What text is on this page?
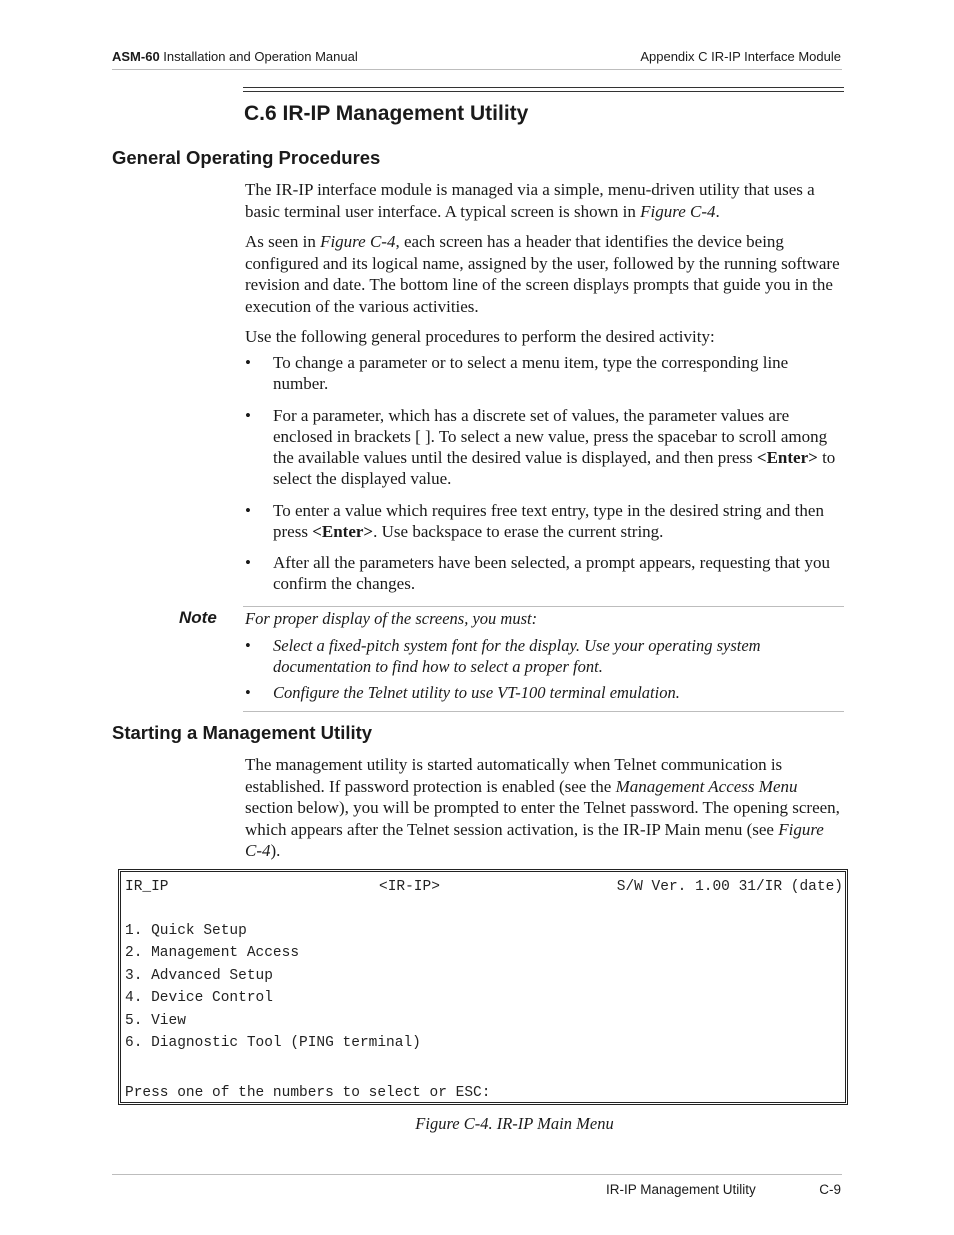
ASM-60 Installation and Operation Manual	Appendix C IR-IP Interface Module
C.6 IR-IP Management Utility
General Operating Procedures

The IR-IP interface module is managed via a simple, menu-driven utility that uses a basic terminal user interface. A typical screen is shown in Figure C-4.

As seen in Figure C-4, each screen has a header that identifies the device being configured and its logical name, assigned by the user, followed by the running software revision and date. The bottom line of the screen displays prompts that guide you in the execution of the various activities.

Use the following general procedures to perform the desired activity:

• To change a parameter or to select a menu item, type the corresponding line number.
• For a parameter, which has a discrete set of values, the parameter values are enclosed in brackets [ ]. To select a new value, press the spacebar to scroll among the available values until the desired value is displayed, and then press <Enter> to select the displayed value.
• To enter a value which requires free text entry, type in the desired string and then press <Enter>. Use backspace to erase the current string.
• After all the parameters have been selected, a prompt appears, requesting that you confirm the changes.
Note For proper display of the screens, you must:
• Select a fixed-pitch system font for the display. Use your operating system documentation to find how to select a proper font.
• Configure the Telnet utility to use VT-100 terminal emulation.
Starting a Management Utility

The management utility is started automatically when Telnet communication is established. If password protection is enabled (see the Management Access Menu section below), you will be prompted to enter the Telnet password. The opening screen, which appears after the Telnet session activation, is the IR-IP Main menu (see Figure C-4).

IR_IP	<IR-IP>	S/W Ver. 1.00 31/IR (date)
1. Quick Setup
2. Management Access
3. Advanced Setup
4. Device Control
5. View
6. Diagnostic Tool (PING terminal)
Press one of the numbers to select or ESC:
Figure C-4. IR-IP Main Menu
IR-IP Management Utility	C-9
